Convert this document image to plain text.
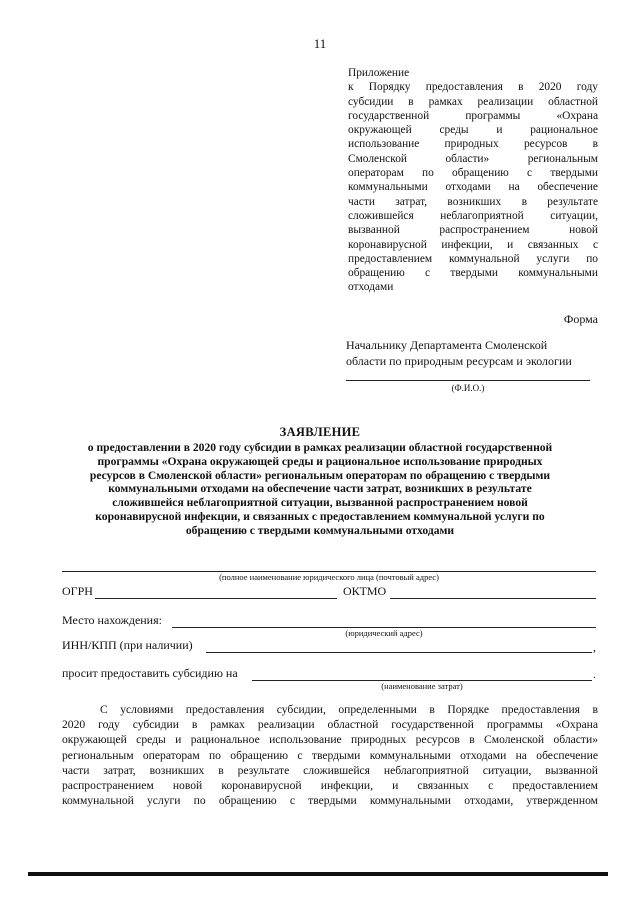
11
Приложение
к Порядку предоставления в 2020 году
субсидии в рамках реализации областной
государственной программы «Охрана
окружающей среды и рациональное
использование природных ресурсов в
Смоленской области» региональным
операторам по обращению с твердыми
коммунальными отходами на обеспечение
части затрат, возникших в результате
сложившейся неблагоприятной ситуации,
вызванной распространением новой
коронавирусной инфекции, и связанных с
предоставлением коммунальной услуги по
обращению с твердыми коммунальными
отходами
Форма
Начальнику Департамента Смоленской
области по природным ресурсам и экологии
(Ф.И.О.)
ЗАЯВЛЕНИЕ
о предоставлении в 2020 году субсидии в рамках реализации областной государственной
программы «Охрана окружающей среды и рациональное использование природных
ресурсов в Смоленской области» региональным операторам по обращению с твердыми
коммунальными отходами на обеспечение части затрат, возникших в результате
сложившейся неблагоприятной ситуации, вызванной распространением новой
коронавирусной инфекции, и связанных с предоставлением коммунальной услуги по
обращению с твердыми коммунальными отходами
(полное наименование юридического лица (почтовый адрес)
ОГРН	ОКТМО
Место нахождения:
(юридический адрес)
ИНН/КПП (при наличии)	,
просит предоставить субсидию на	.
(наименование затрат)
С условиями предоставления субсидии, определенными в Порядке предоставления в
2020 году субсидии в рамках реализации областной государственной программы «Охрана
окружающей среды и рациональное использование природных ресурсов в Смоленской области»
региональным операторам по обращению с твердыми коммунальными отходами на обеспечение
части затрат, возникших в результате сложившейся неблагоприятной ситуации, вызванной
распространением новой коронавирусной инфекции, и связанных с предоставлением
коммунальной услуги по обращению с твердыми коммунальными отходами, утвержденном
